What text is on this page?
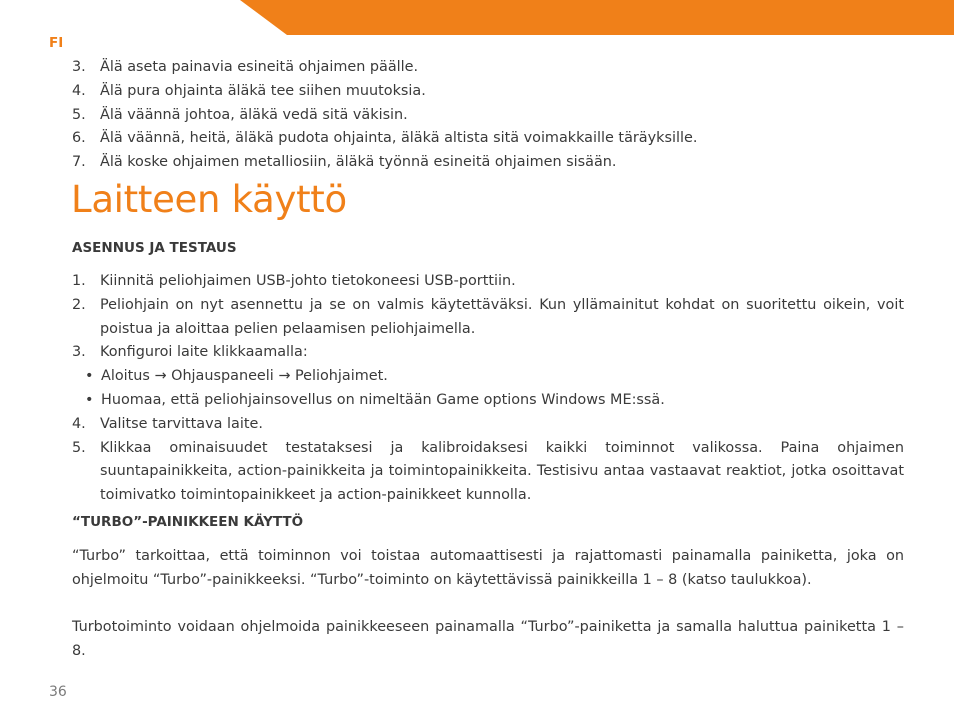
FI
3. Älä aseta painavia esineitä ohjaimen päälle.
4. Älä pura ohjainta äläkä tee siihen muutoksia.
5. Älä väännä johtoa, äläkä vedä sitä väkisin.
6. Älä väännä, heitä, äläkä pudota ohjainta, äläkä altista sitä voimakkaille täräyksille.
7. Älä koske ohjaimen metalliosiin, äläkä työnnä esineitä ohjaimen sisään.
Laitteen käyttö
ASENNUS JA TESTAUS
1. Kiinnitä peliohjaimen USB-johto tietokoneesi USB-porttiin.
2. Peliohjain on nyt asennettu ja se on valmis käytettäväksi. Kun yllämainitut kohdat on suoritettu oikein, voit poistua ja aloittaa pelien pelaamisen peliohjaimella.
3. Konfiguroi laite klikkaamalla:
• Aloitus → Ohjauspaneeli → Peliohjaimet.
• Huomaa, että peliohjainsovellus on nimeltään Game options Windows ME:ssä.
4. Valitse tarvittava laite.
5. Klikkaa ominaisuudet testataksesi ja kalibroidaksesi kaikki toiminnot valikossa. Paina ohjaimen suuntapainikkeita, action-painikkeita ja toimintopainikkeita. Testisivu antaa vastaavat reaktiot, jotka osoittavat toimivatko toimintopainikkeet ja action-painikkeet kunnolla.
“TURBO”-PAINIKKEEN KÄYTTÖ

“Turbo” tarkoittaa, että toiminnon voi toistaa automaattisesti ja rajattomasti painamalla painiketta, joka on ohjelmoitu “Turbo”-painikkeeksi. “Turbo”-toiminto on käytettävissä painikkeilla 1 – 8 (katso taulukkoa).

Turbotoiminto voidaan ohjelmoida painikkeeseen painamalla “Turbo”-painiketta ja samalla haluttua painiketta 1 – 8.

36
